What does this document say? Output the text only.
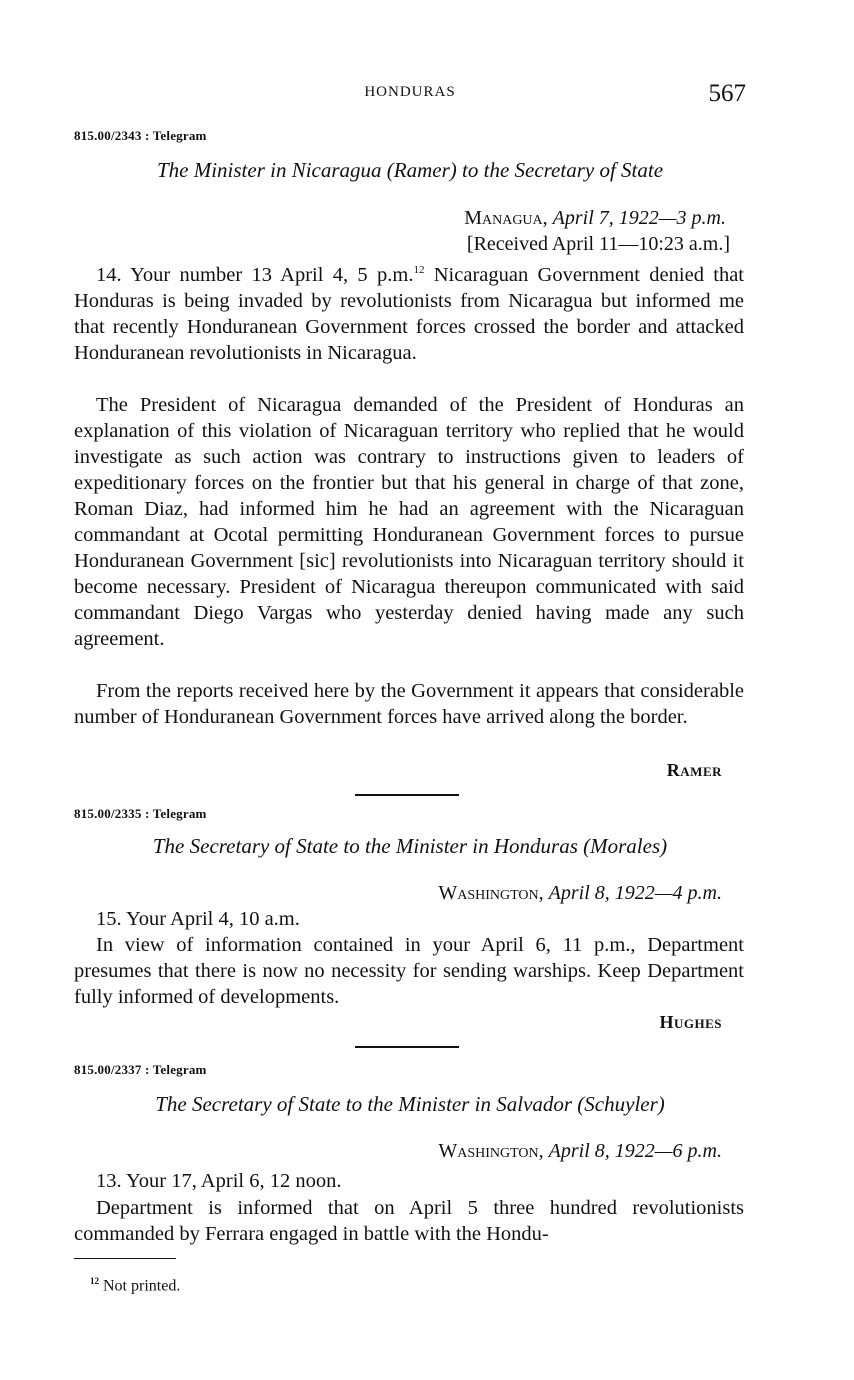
HONDURAS	567
815.00/2343 : Telegram
The Minister in Nicaragua (Ramer) to the Secretary of State
Managua, April 7, 1922—3 p.m.
[Received April 11—10:23 a.m.]

14. Your number 13 April 4, 5 p.m.$^{12}$ Nicaraguan Government denied that Honduras is being invaded by revolutionists from Nicaragua but informed me that recently Honduranean Government forces crossed the border and attacked Honduranean revolutionists in Nicaragua.

The President of Nicaragua demanded of the President of Honduras an explanation of this violation of Nicaraguan territory who replied that he would investigate as such action was contrary to instructions given to leaders of expeditionary forces on the frontier but that his general in charge of that zone, Roman Diaz, had informed him he had an agreement with the Nicaraguan commandant at Ocotal permitting Honduranean Government forces to pursue Honduranean Government [sic] revolutionists into Nicaraguan territory should it become necessary. President of Nicaragua thereupon communicated with said commandant Diego Vargas who yesterday denied having made any such agreement.

From the reports received here by the Government it appears that considerable number of Honduranean Government forces have arrived along the border.

Ramer
815.00/2335 : Telegram
The Secretary of State to the Minister in Honduras (Morales)
Washington, April 8, 1922—4 p.m.

15. Your April 4, 10 a.m.

In view of information contained in your April 6, 11 p.m., Department presumes that there is now no necessity for sending warships. Keep Department fully informed of developments.

Hughes
815.00/2337 : Telegram
The Secretary of State to the Minister in Salvador (Schuyler)
Washington, April 8, 1922—6 p.m.

13. Your 17, April 6, 12 noon.

Department is informed that on April 5 three hundred revolutionists commanded by Ferrara engaged in battle with the Hondu-

$^{12}$ Not printed.
